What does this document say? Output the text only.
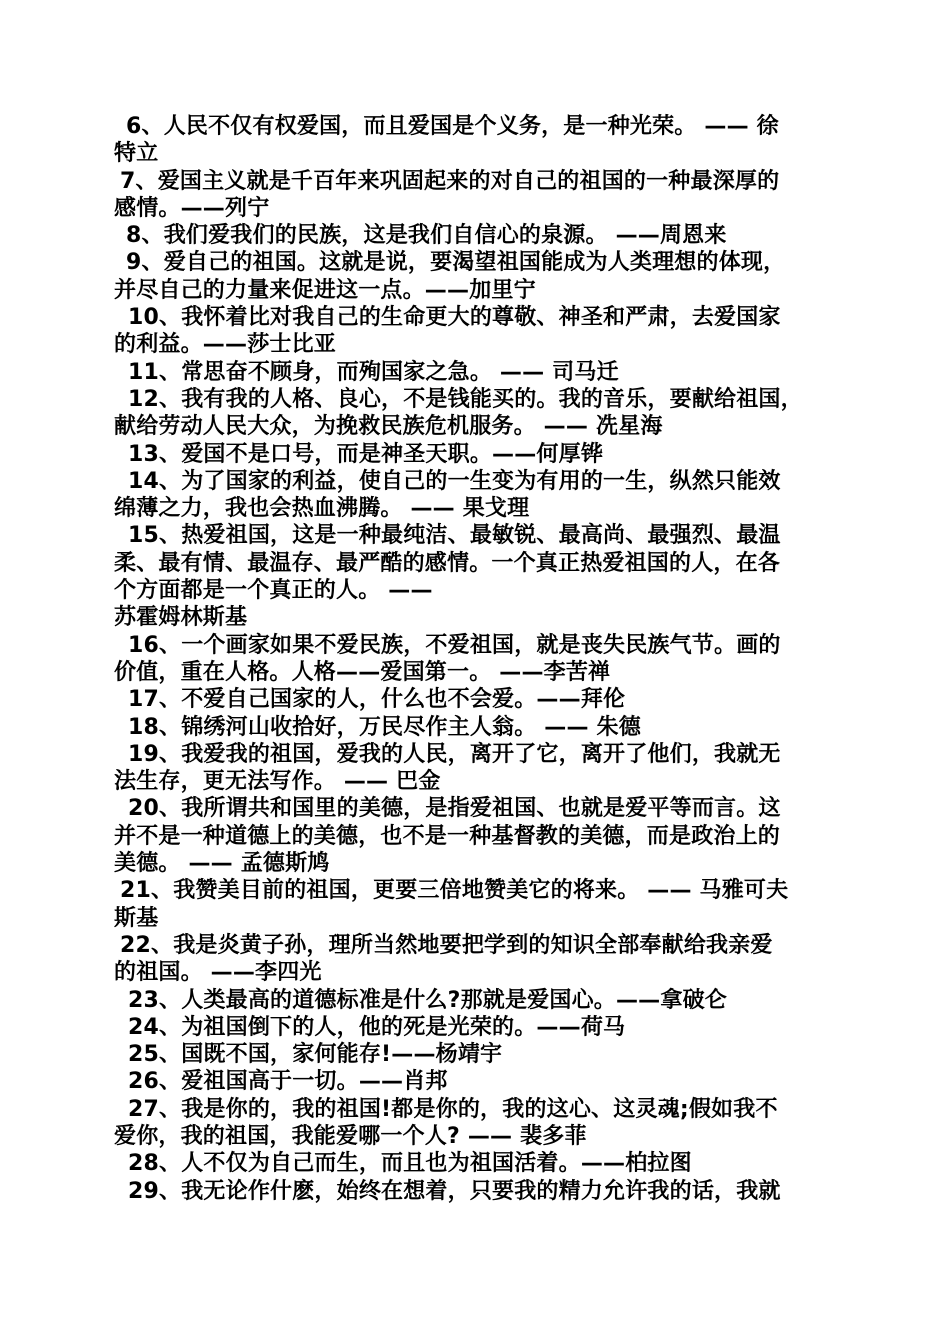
6、人民不仅有权爱国，而且爱国是个义务，是一种光荣。 —— 徐
特立
7、爱国主义就是千百年来巩固起来的对自己的祖国的一种最深厚的
感情。——列宁
8、我们爱我们的民族，这是我们自信心的泉源。 ——周恩来
9、爱自己的祖国。这就是说，要渴望祖国能成为人类理想的体现，
并尽自己的力量来促进这一点。——加里宁
10、我怀着比对我自己的生命更大的尊敬、神圣和严肃，去爱国家
的利益。——莎士比亚
11、常思奋不顾身，而殉国家之急。 —— 司马迁
12、我有我的人格、良心，不是钱能买的。我的音乐，要献给祖国，
献给劳动人民大众，为挽救民族危机服务。 —— 冼星海
13、爱国不是口号，而是神圣天职。——何厚铧
14、为了国家的利益，使自己的一生变为有用的一生，纵然只能效
绵薄之力，我也会热血沸腾。 —— 果戈理
15、热爱祖国，这是一种最纯洁、最敏锐、最高尚、最强烈、最温
柔、最有情、最温存、最严酷的感情。一个真正热爱祖国的人，在各
个方面都是一个真正的人。 ——
苏霍姆林斯基
16、一个画家如果不爱民族，不爱祖国，就是丧失民族气节。画的
价值，重在人格。人格——爱国第一。 ——李苦禅
17、不爱自己国家的人，什么也不会爱。——拜伦
18、锦绣河山收拾好，万民尽作主人翁。 —— 朱德
19、我爱我的祖国，爱我的人民，离开了它，离开了他们，我就无
法生存，更无法写作。 —— 巴金
20、我所谓共和国里的美德，是指爱祖国、也就是爱平等而言。这
并不是一种道德上的美德，也不是一种基督教的美德，而是政治上的
美德。 —— 孟德斯鸠
21、我赞美目前的祖国，更要三倍地赞美它的将来。 —— 马雅可夫
斯基
22、我是炎黄子孙，理所当然地要把学到的知识全部奉献给我亲爱
的祖国。 ——李四光
23、人类最高的道德标准是什么?那就是爱国心。——拿破仑
24、为祖国倒下的人，他的死是光荣的。——荷马
25、国既不国，家何能存!——杨靖宇
26、爱祖国高于一切。——肖邦
27、我是你的，我的祖国!都是你的，我的这心、这灵魂;假如我不
爱你，我的祖国，我能爱哪一个人? —— 裴多菲
28、人不仅为自己而生，而且也为祖国活着。——柏拉图
29、我无论作什麽，始终在想着，只要我的精力允许我的话，我就
